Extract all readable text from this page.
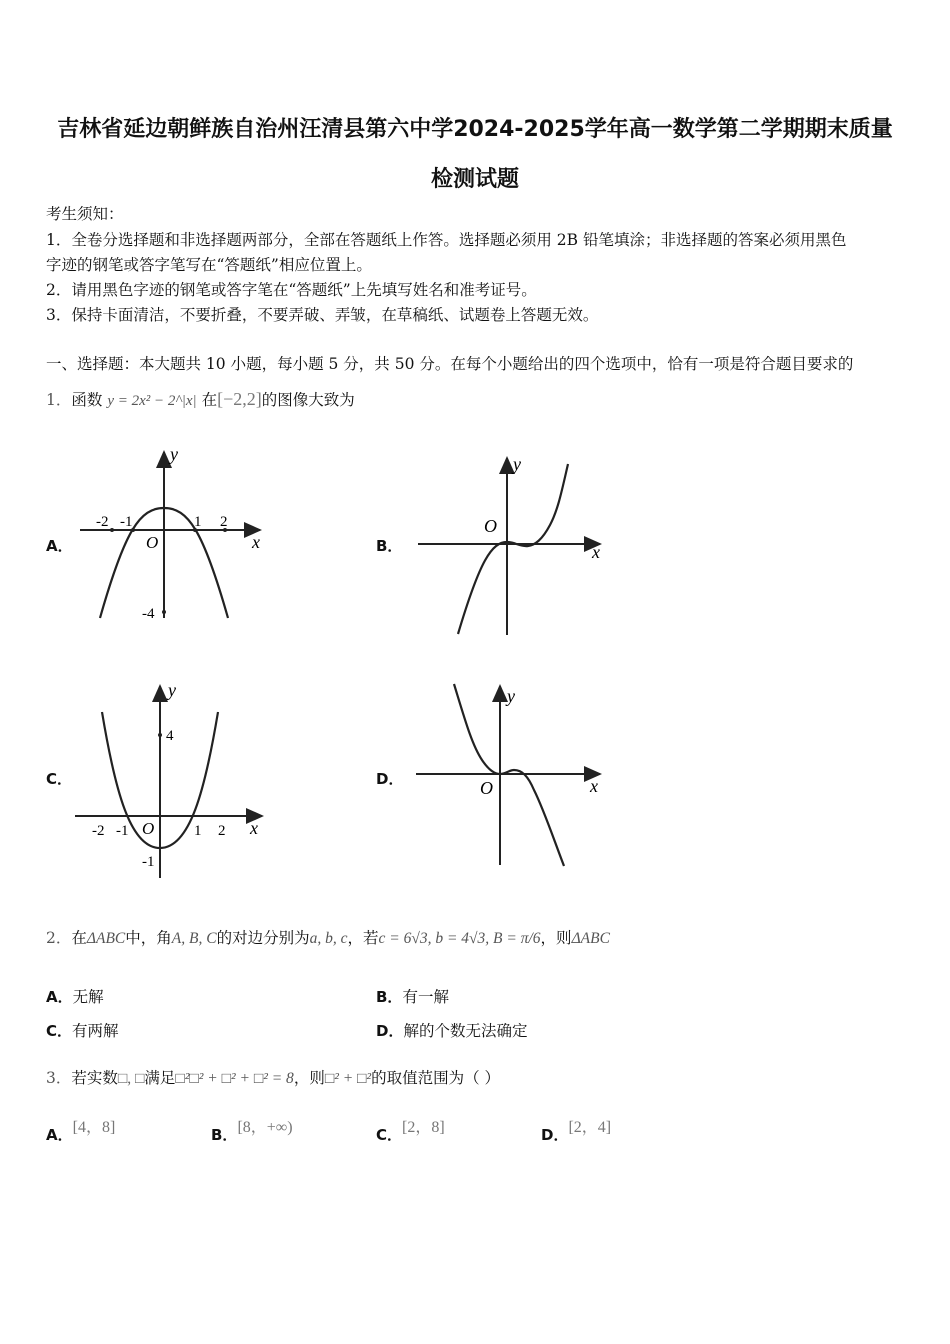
吉林省延边朝鲜族自治州汪清县第六中学2024-2025学年高一数学第二学期期末质量
检测试题
考生须知：
1．全卷分选择题和非选择题两部分，全部在答题纸上作答。选择题必须用 2B 铅笔填涂；非选择题的答案必须用黑色
字迹的钢笔或答字笔写在“答题纸”相应位置上。
2．请用黑色字迹的钢笔或答字笔在“答题纸”上先填写姓名和准考证号。
3．保持卡面清洁，不要折叠，不要弄破、弄皱，在草稿纸、试题卷上答题无效。
一、选择题：本大题共 10 小题，每小题 5 分，共 50 分。在每个小题给出的四个选项中，恰有一项是符合题目要求的
1．函数 y = 2x² − 2^|x| 在[−2,2]的图像大致为
A．
-2 -1	1 2
-4
O	x
y
B．
O
x
y
C．
-2 -1	1 2
4
-1
O	x
y
D．	O	x
y
2．在ΔABC中，角A, B, C的对边分别为a, b, c，若c = 6√3, b = 4√3, B = π/6，则ΔABC
A．无解	B．有一解
C．有两解	D．解的个数无法确定
3．若实数□, □满足□²□² + □² + □² = 8，则□² + □²的取值范围为（ ）
A．[4，8]	B．[8，+∞)	C．[2，8]	D．[2，4]
